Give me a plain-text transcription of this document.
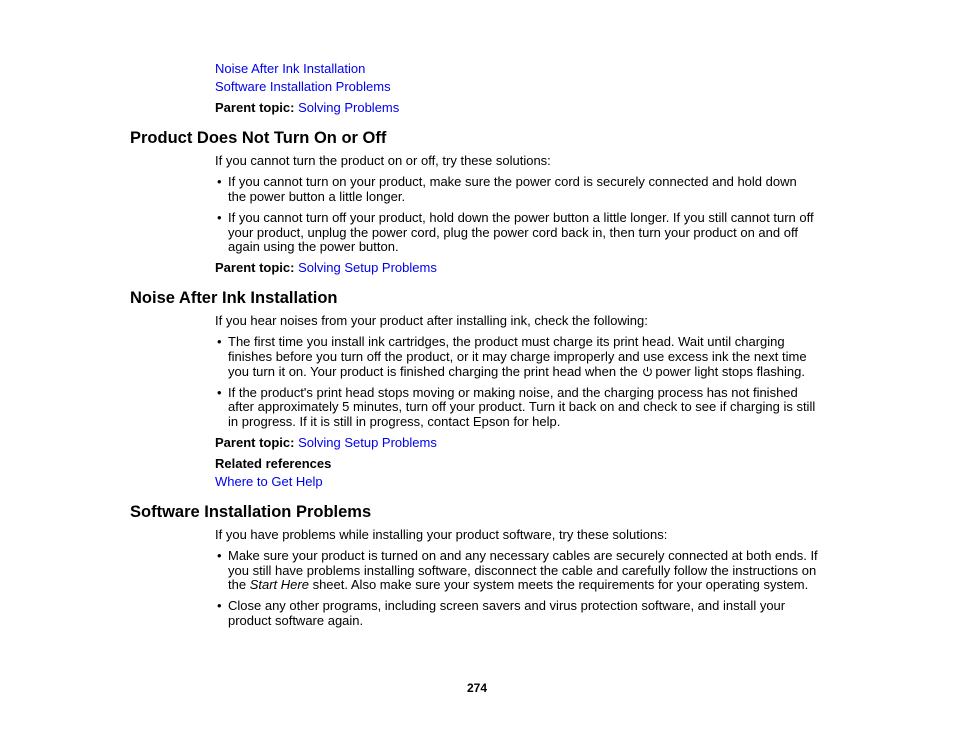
Noise After Ink Installation
Software Installation Problems
Parent topic: Solving Problems
Product Does Not Turn On or Off
If you cannot turn the product on or off, try these solutions:
• If you cannot turn on your product, make sure the power cord is securely connected and hold down
the power button a little longer.
• If you cannot turn off your product, hold down the power button a little longer. If you still cannot turn off
your product, unplug the power cord, plug the power cord back in, then turn your product on and off
again using the power button.
Parent topic: Solving Setup Problems
Noise After Ink Installation
If you hear noises from your product after installing ink, check the following:
• The first time you install ink cartridges, the product must charge its print head. Wait until charging
finishes before you turn off the product, or it may charge improperly and use excess ink the next time
you turn it on. Your product is finished charging the print head when the power light stops flashing.
• If the product's print head stops moving or making noise, and the charging process has not finished
after approximately 5 minutes, turn off your product. Turn it back on and check to see if charging is still
in progress. If it is still in progress, contact Epson for help.
Parent topic: Solving Setup Problems
Related references
Where to Get Help
Software Installation Problems
If you have problems while installing your product software, try these solutions:
• Make sure your product is turned on and any necessary cables are securely connected at both ends. If
you still have problems installing software, disconnect the cable and carefully follow the instructions on
the Start Here sheet. Also make sure your system meets the requirements for your operating system.
• Close any other programs, including screen savers and virus protection software, and install your
product software again.
274
